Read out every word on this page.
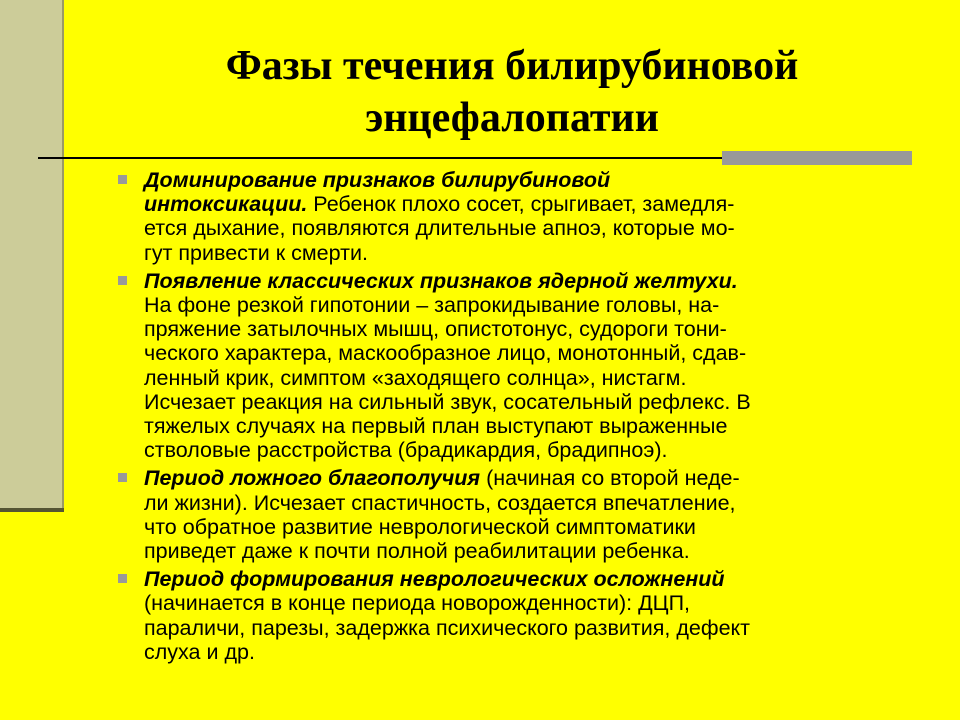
Фазы течения билирубиновой
энцефалопатии
Доминирование признаков билирубиновой
интоксикации. Ребенок плохо сосет, срыгивает, замедля-
ется дыхание, появляются длительные апноэ, которые мо-
гут привести к смерти.
Появление классических признаков ядерной желтухи.
На фоне резкой гипотонии – запрокидывание головы, на-
пряжение затылочных мышц, опистотонус, судороги тони-
ческого характера, маскообразное лицо, монотонный, сдав-
ленный крик, симптом «заходящего солнца», нистагм.
Исчезает реакция на сильный звук, сосательный рефлекс. В
тяжелых случаях на первый план выступают выраженные
стволовые расстройства (брадикардия, брадипноэ).
Период ложного благополучия (начиная со второй неде-
ли жизни). Исчезает спастичность, создается впечатление,
что обратное развитие неврологической симптоматики
приведет даже к почти полной реабилитации ребенка.
Период формирования неврологических осложнений
(начинается в конце периода новорожденности): ДЦП,
параличи, парезы, задержка психического развития, дефект
слуха и др.
